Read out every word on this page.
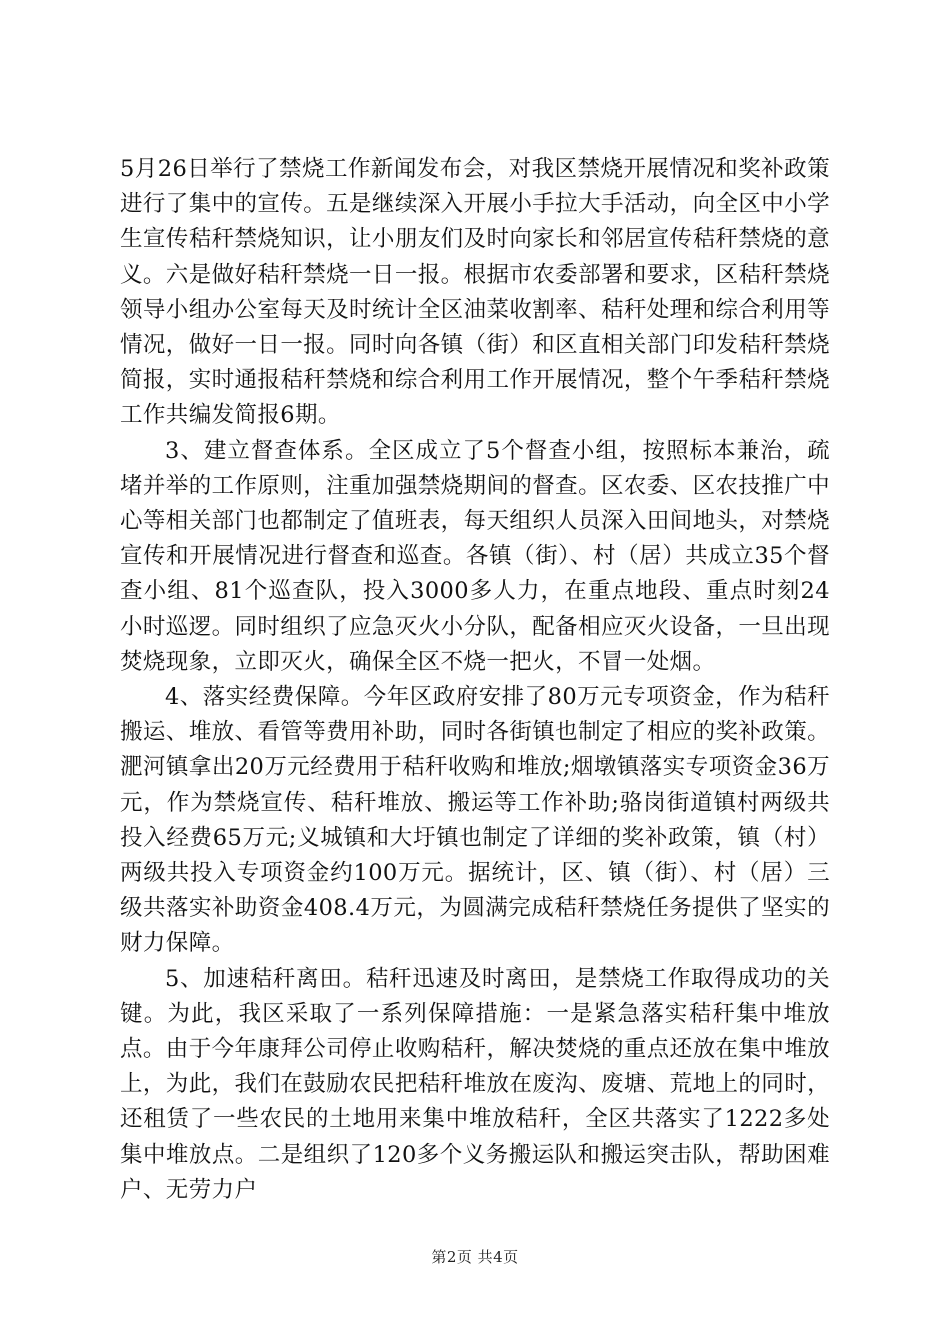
5月26日举行了禁烧工作新闻发布会，对我区禁烧开展情况和奖补政策进行了集中的宣传。五是继续深入开展小手拉大手活动，向全区中小学生宣传秸秆禁烧知识，让小朋友们及时向家长和邻居宣传秸秆禁烧的意义。六是做好秸秆禁烧一日一报。根据市农委部署和要求，区秸秆禁烧领导小组办公室每天及时统计全区油菜收割率、秸秆处理和综合利用等情况，做好一日一报。同时向各镇（街）和区直相关部门印发秸秆禁烧简报，实时通报秸秆禁烧和综合利用工作开展情况，整个午季秸秆禁烧工作共编发简报6期。

3、建立督查体系。全区成立了5个督查小组，按照标本兼治，疏堵并举的工作原则，注重加强禁烧期间的督查。区农委、区农技推广中心等相关部门也都制定了值班表，每天组织人员深入田间地头，对禁烧宣传和开展情况进行督查和巡查。各镇（街）、村（居）共成立35个督查小组、81个巡查队，投入3000多人力，在重点地段、重点时刻24小时巡逻。同时组织了应急灭火小分队，配备相应灭火设备，一旦出现焚烧现象，立即灭火，确保全区不烧一把火，不冒一处烟。

4、落实经费保障。今年区政府安排了80万元专项资金，作为秸秆搬运、堆放、看管等费用补助，同时各街镇也制定了相应的奖补政策。淝河镇拿出20万元经费用于秸秆收购和堆放;烟墩镇落实专项资金36万元，作为禁烧宣传、秸秆堆放、搬运等工作补助;骆岗街道镇村两级共投入经费65万元;义城镇和大圩镇也制定了详细的奖补政策，镇（村）两级共投入专项资金约100万元。据统计，区、镇（街）、村（居）三级共落实补助资金408.4万元，为圆满完成秸秆禁烧任务提供了坚实的财力保障。

5、加速秸秆离田。秸秆迅速及时离田，是禁烧工作取得成功的关键。为此，我区采取了一系列保障措施：一是紧急落实秸秆集中堆放点。由于今年康拜公司停止收购秸秆，解决焚烧的重点还放在集中堆放上，为此，我们在鼓励农民把秸秆堆放在废沟、废塘、荒地上的同时，还租赁了一些农民的土地用来集中堆放秸秆，全区共落实了1222多处集中堆放点。二是组织了120多个义务搬运队和搬运突击队，帮助困难户、无劳力户

第2页 共4页
